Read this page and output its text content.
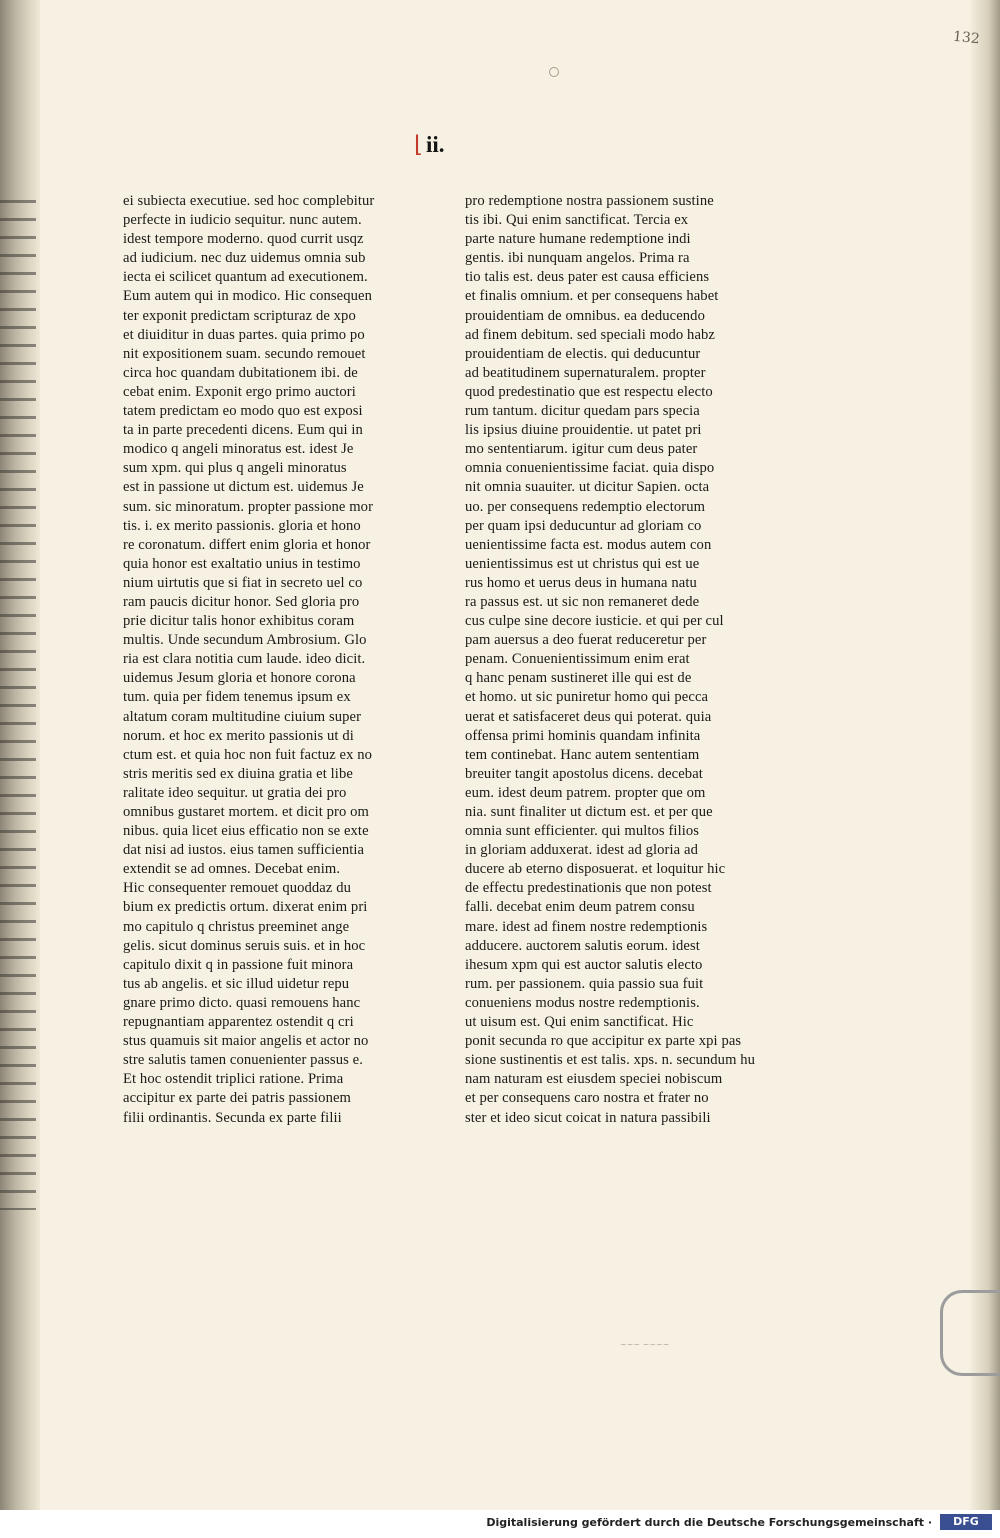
132
⌊ ii.
ei subiecta executiue. sed hoc complebitur
perfecte in iudicio sequitur. nunc autem.
idest tempore moderno. quod currit usqz
ad iudicium. nec duz uidemus omnia sub
iecta ei scilicet quantum ad executionem.
Eum autem qui in modico. Hic consequen
ter exponit predictam scripturaz de xpo
et diuiditur in duas partes. quia primo po
nit expositionem suam. secundo remouet
circa hoc quandam dubitationem ibi. de
cebat enim. Exponit ergo primo auctori
tatem predictam eo modo quo est exposi
ta in parte precedenti dicens. Eum qui in
modico q angeli minoratus est. idest Je
sum xpm. qui plus q angeli minoratus
est in passione ut dictum est. uidemus Je
sum. sic minoratum. propter passione mor
tis. i. ex merito passionis. gloria et hono
re coronatum. differt enim gloria et honor
quia honor est exaltatio unius in testimo
nium uirtutis que si fiat in secreto uel co
ram paucis dicitur honor. Sed gloria pro
prie dicitur talis honor exhibitus coram
multis. Unde secundum Ambrosium. Glo
ria est clara notitia cum laude. ideo dicit.
uidemus Jesum gloria et honore corona
tum. quia per fidem tenemus ipsum ex
altatum coram multitudine ciuium super
norum. et hoc ex merito passionis ut di
ctum est. et quia hoc non fuit factuz ex no
stris meritis sed ex diuina gratia et libe
ralitate ideo sequitur. ut gratia dei pro
omnibus gustaret mortem. et dicit pro om
nibus. quia licet eius efficatio non se exte
dat nisi ad iustos. eius tamen sufficientia
extendit se ad omnes. Decebat enim.
Hic consequenter remouet quoddaz du
bium ex predictis ortum. dixerat enim pri
mo capitulo q christus preeminet ange
gelis. sicut dominus seruis suis. et in hoc
capitulo dixit q in passione fuit minora
tus ab angelis. et sic illud uidetur repu
gnare primo dicto. quasi remouens hanc
repugnantiam apparentez ostendit q cri
stus quamuis sit maior angelis et actor no
stre salutis tamen conuenienter passus e.
Et hoc ostendit triplici ratione. Prima
accipitur ex parte dei patris passionem
filii ordinantis. Secunda ex parte filii
pro redemptione nostra passionem sustine
tis ibi. Qui enim sanctificat. Tercia ex
parte nature humane redemptione indi
gentis. ibi nunquam angelos. Prima ra
tio talis est. deus pater est causa efficiens
et finalis omnium. et per consequens habet
prouidentiam de omnibus. ea deducendo
ad finem debitum. sed speciali modo habz
prouidentiam de electis. qui deducuntur
ad beatitudinem supernaturalem. propter
quod predestinatio que est respectu electo
rum tantum. dicitur quedam pars specia
lis ipsius diuine prouidentie. ut patet pri
mo sententiarum. igitur cum deus pater
omnia conuenientissime faciat. quia dispo
nit omnia suauiter. ut dicitur Sapien. octa
uo. per consequens redemptio electorum
per quam ipsi deducuntur ad gloriam co
uenientissime facta est. modus autem con
uenientissimus est ut christus qui est ue
rus homo et uerus deus in humana natu
ra passus est. ut sic non remaneret dede
cus culpe sine decore iusticie. et qui per cul
pam auersus a deo fuerat reduceretur per
penam. Conuenientissimum enim erat
q hanc penam sustineret ille qui est de
et homo. ut sic puniretur homo qui pecca
uerat et satisfaceret deus qui poterat. quia
offensa primi hominis quandam infinita
tem continebat. Hanc autem sententiam
breuiter tangit apostolus dicens. decebat
eum. idest deum patrem. propter que om
nia. sunt finaliter ut dictum est. et per que
omnia sunt efficienter. qui multos filios
in gloriam adduxerat. idest ad gloria ad
ducere ab eterno disposuerat. et loquitur hic
de effectu predestinationis que non potest
falli. decebat enim deum patrem consu
mare. idest ad finem nostre redemptionis
adducere. auctorem salutis eorum. idest
ihesum xpm qui est auctor salutis electo
rum. per passionem. quia passio sua fuit
conueniens modus nostre redemptionis.
ut uisum est. Qui enim sanctificat. Hic
ponit secunda ro que accipitur ex parte xpi pas
sione sustinentis et est talis. xps. n. secundum hu
nam naturam est eiusdem speciei nobiscum
et per consequens caro nostra et frater no
ster et ideo sicut coicat in natura passibili
∼∽∼ ∽∼∽∼
Digitalisierung gefördert durch die Deutsche Forschungsgemeinschaft ·	DFG
